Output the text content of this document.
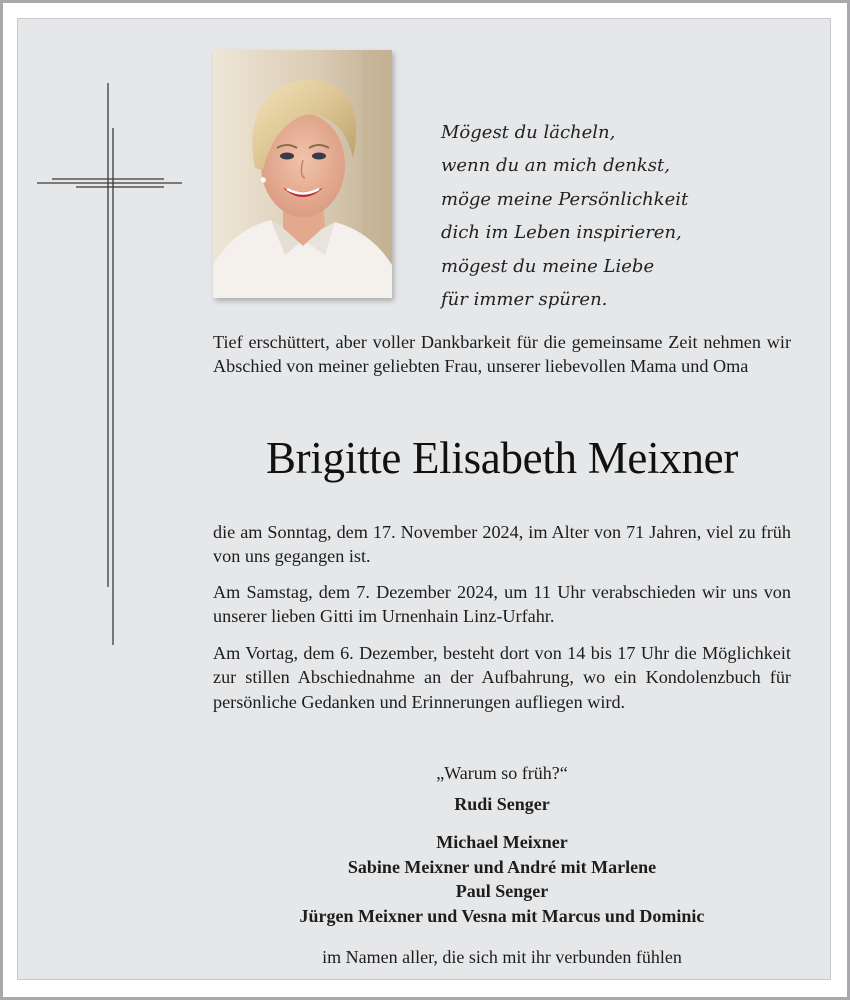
Mögest du lächeln,
wenn du an mich denkst,
möge meine Persönlichkeit
dich im Leben inspirieren,
mögest du meine Liebe
für immer spüren.
Tief erschüttert, aber voller Dankbarkeit für die gemeinsame Zeit nehmen wir Abschied von meiner geliebten Frau, unserer liebevollen Mama und Oma
Brigitte Elisabeth Meixner
die am Sonntag, dem 17. November 2024, im Alter von 71 Jahren, viel zu früh von uns gegangen ist.
Am Samstag, dem 7. Dezember 2024, um 11 Uhr verabschieden wir uns von unserer lieben Gitti im Urnenhain Linz-Urfahr.
Am Vortag, dem 6. Dezember, besteht dort von 14 bis 17 Uhr die Möglichkeit zur stillen Abschiednahme an der Aufbahrung, wo ein Kondolenzbuch für persönliche Gedanken und Erinnerungen aufliegen wird.
„Warum so früh?“
Rudi Senger
Michael Meixner
Sabine Meixner und André mit Marlene
Paul Senger
Jürgen Meixner und Vesna mit Marcus und Dominic
im Namen aller, die sich mit ihr verbunden fühlen
